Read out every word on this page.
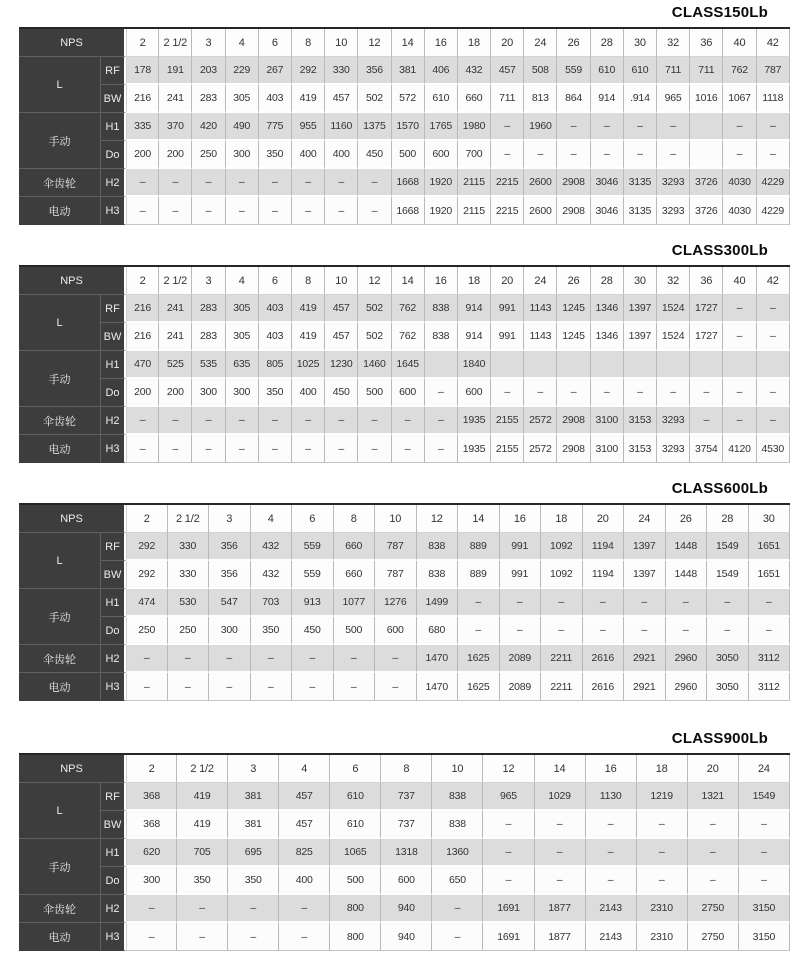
CLASS150Lb
NPS		2	2 1/2	3	4	6	8	10	12	14	16	18	20	24	26	28	30	32	36	40	42
L	RF	178	191	203	229	267	292	330	356	381	406	432	457	508	559	610	610	711	711	762	787
	BW	216	241	283	305	403	419	457	502	572	610	660	711	813	864	914	.914	965	1016	1067	1118
手动	H1	335	370	420	490	775	955	1160	1375	1570	1765	1980	–	1960	–	–	–	–		–	–
	Do	200	200	250	300	350	400	400	450	500	600	700	–	–	–	–	–	–		–	–
伞齿轮	H2	–	–	–	–	–	–	–	–	1668	1920	2115	2215	2600	2908	3046	3135	3293	3726	4030	4229
电动	H3	–	–	–	–	–	–	–	–	1668	1920	2115	2215	2600	2908	3046	3135	3293	3726	4030	4229
CLASS300Lb
NPS		2	2 1/2	3	4	6	8	10	12	14	16	18	20	24	26	28	30	32	36	40	42
L	RF	216	241	283	305	403	419	457	502	762	838	914	991	1143	1245	1346	1397	1524	1727	–	–
	BW	216	241	283	305	403	419	457	502	762	838	914	991	1143	1245	1346	1397	1524	1727	–	–
手动	H1	470	525	535	635	805	1025	1230	1460	1645		1840									
	Do	200	200	300	300	350	400	450	500	600	–	600	–	–	–	–	–	–	–	–	–
伞齿轮	H2	–	–	–	–	–	–	–	–	–	–	1935	2155	2572	2908	3100	3153	3293	–	–	–
电动	H3	–	–	–	–	–	–	–	–	–	–	1935	2155	2572	2908	3100	3153	3293	3754	4120	4530
CLASS600Lb
NPS		2	2 1/2	3	4	6	8	10	12	14	16	18	20	24	26	28	30
L	RF	292	330	356	432	559	660	787	838	889	991	1092	1194	1397	1448	1549	1651
	BW	292	330	356	432	559	660	787	838	889	991	1092	1194	1397	1448	1549	1651
手动	H1	474	530	547	703	913	1077	1276	1499	–	–	–	–	–	–	–	–
	Do	250	250	300	350	450	500	600	680	–	–	–	–	–	–	–	–
伞齿轮	H2	–	–	–	–	–	–	–	1470	1625	2089	2211	2616	2921	2960	3050	3112
电动	H3	–	–	–	–	–	–	–	1470	1625	2089	2211	2616	2921	2960	3050	3112
CLASS900Lb
NPS		2	2 1/2	3	4	6	8	10	12	14	16	18	20	24
L	RF	368	419	381	457	610	737	838	965	1029	1130	1219	1321	1549
	BW	368	419	381	457	610	737	838	–	–	–	–	–	–
手动	H1	620	705	695	825	1065	1318	1360	–	–	–	–	–	–
	Do	300	350	350	400	500	600	650	–	–	–	–	–	–
伞齿轮	H2	–	–	–	–	800	940	–	1691	1877	2143	2310	2750	3150
电动	H3	–	–	–	–	800	940	–	1691	1877	2143	2310	2750	3150
